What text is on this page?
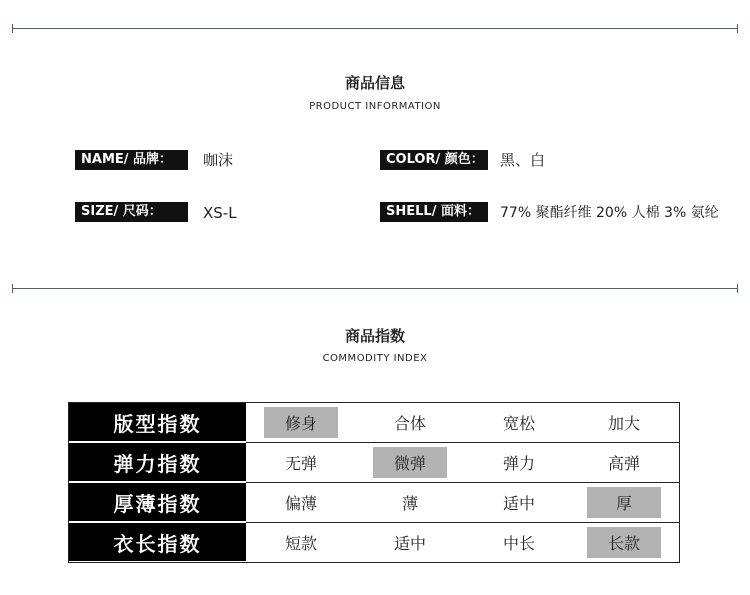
商品信息
PRODUCT INFORMATION
NAME/ 品牌：	咖沫	COLOR/ 颜色： 黑、白
SIZE/ 尺码：	XS-L	SHELL/ 面料：	77% 聚酯纤维 20% 人棉 3% 氨纶
商品指数
COMMODITY INDEX
版型指数	修身	合体	宽松	加大
弹力指数	无弹	微弹	弹力	高弹
厚薄指数	偏薄	薄	适中	厚
衣长指数	短款	适中	中长	长款
